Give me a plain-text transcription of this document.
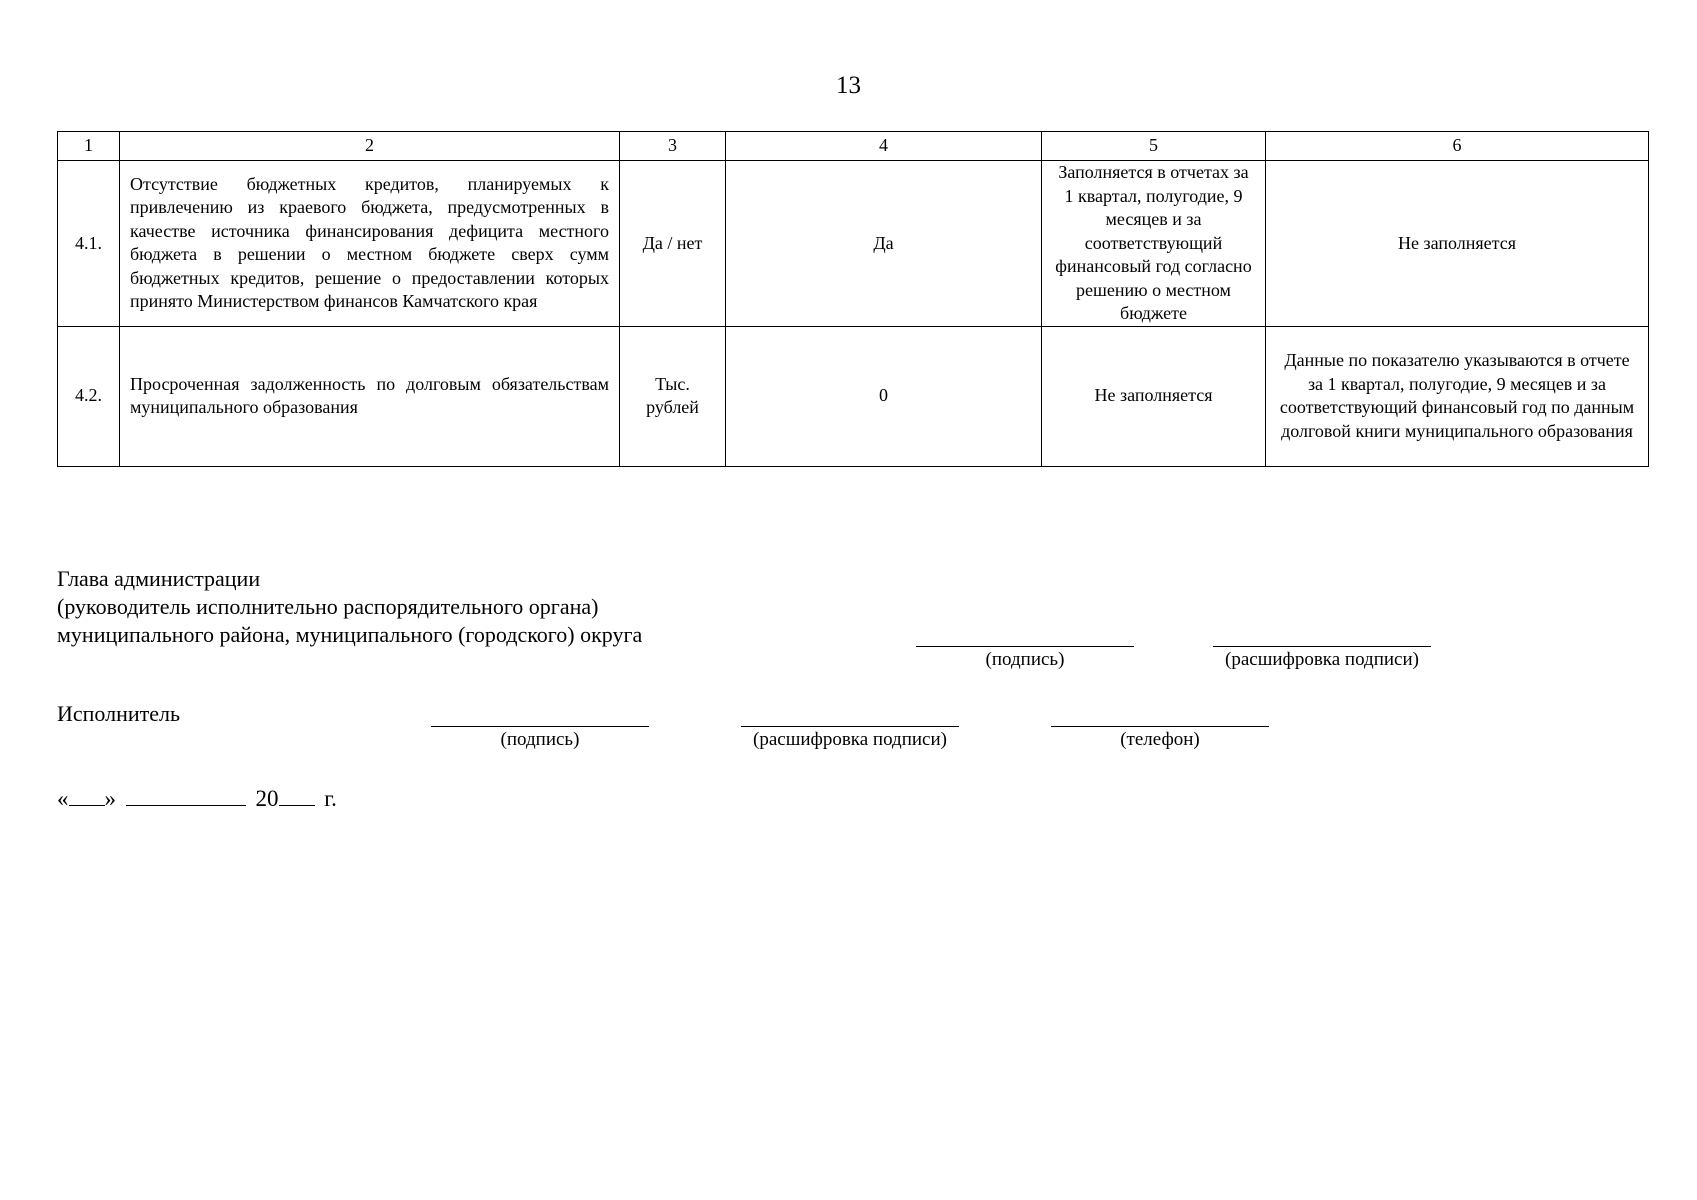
13
1	2	3	4	5	6
4.1.	Отсутствие бюджетных кредитов, планируемых к привлечению из краевого бюджета, предусмотренных в качестве источника финансирования дефицита местного бюджета в решении о местном бюджете сверх сумм бюджетных кредитов, решение о предоставлении которых принято Министерством финансов Камчатского края	Да / нет	Да	Заполняется в отчетах за 1 квартал, полугодие, 9 месяцев и за соответствующий финансовый год согласно решению о местном бюджете	Не заполняется
4.2.	Просроченная задолженность по долговым обязательствам муниципального образования	Тыс. рублей	0	Не заполняется	Данные по показателю указываются в отчете за 1 квартал, полугодие, 9 месяцев и за соответствующий финансовый год по данным долговой книги муниципального образования
Глава администрации
(руководитель исполнительно распорядительного органа)
муниципального района, муниципального (городского) округа
(подпись)	(расшифровка подписи)
Исполнитель
(подпись)	(расшифровка подписи)	(телефон)
« »	20 г.
